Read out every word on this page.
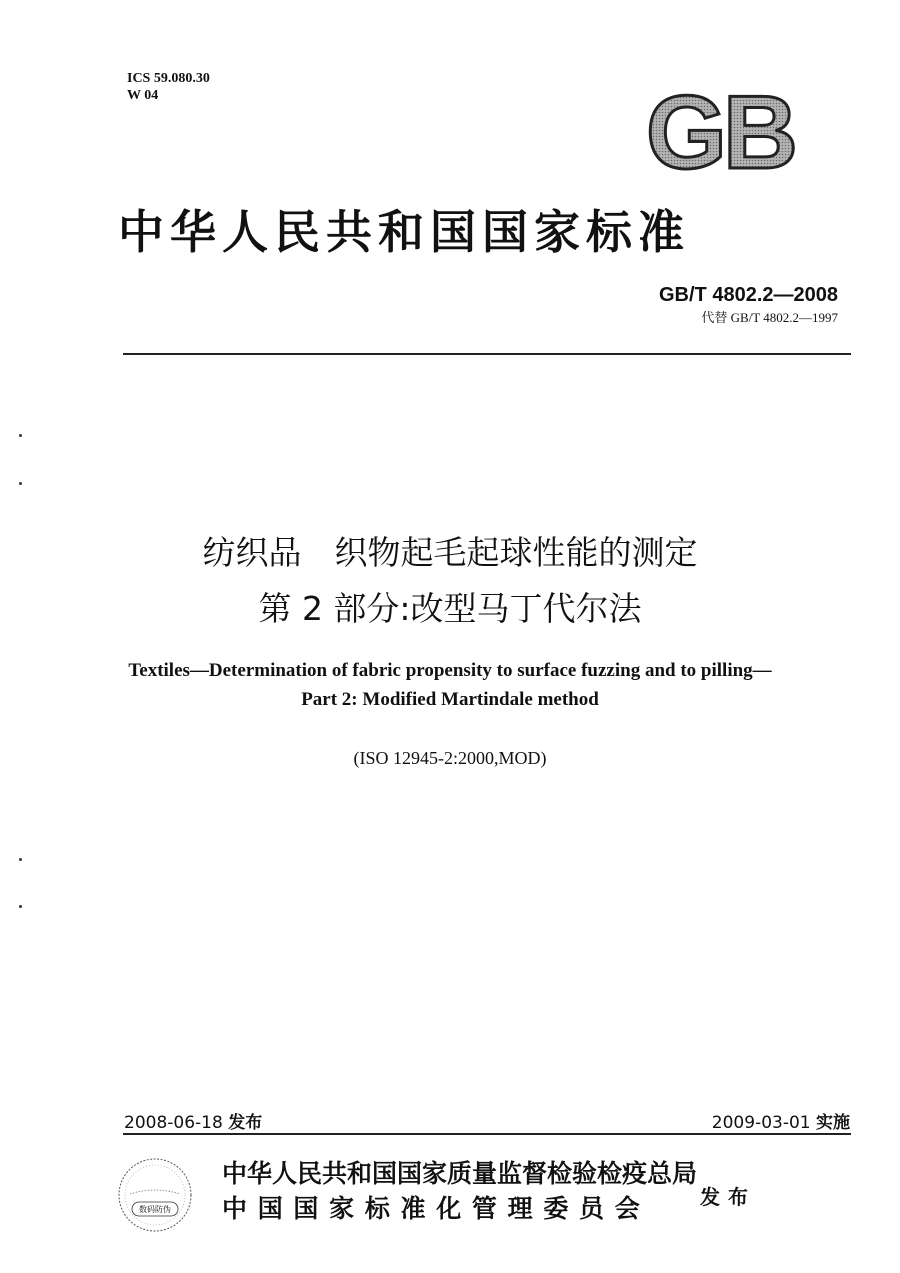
ICS 59.080.30
W 04	GB
中华人民共和国国家标准
GB/T 4802.2—2008
代替 GB/T 4802.2—1997
纺织品　织物起毛起球性能的测定
第 2 部分:改型马丁代尔法
Textiles—Determination of fabric propensity to surface fuzzing and to pilling—
Part 2: Modified Martindale method
(ISO 12945-2:2000,MOD)
2008-06-18 发布	2009-03-01 实施
数码防伪
中华人民共和国国家质量监督检验检疫总局
中 国 国 家 标 准 化 管 理 委 员 会	发布
